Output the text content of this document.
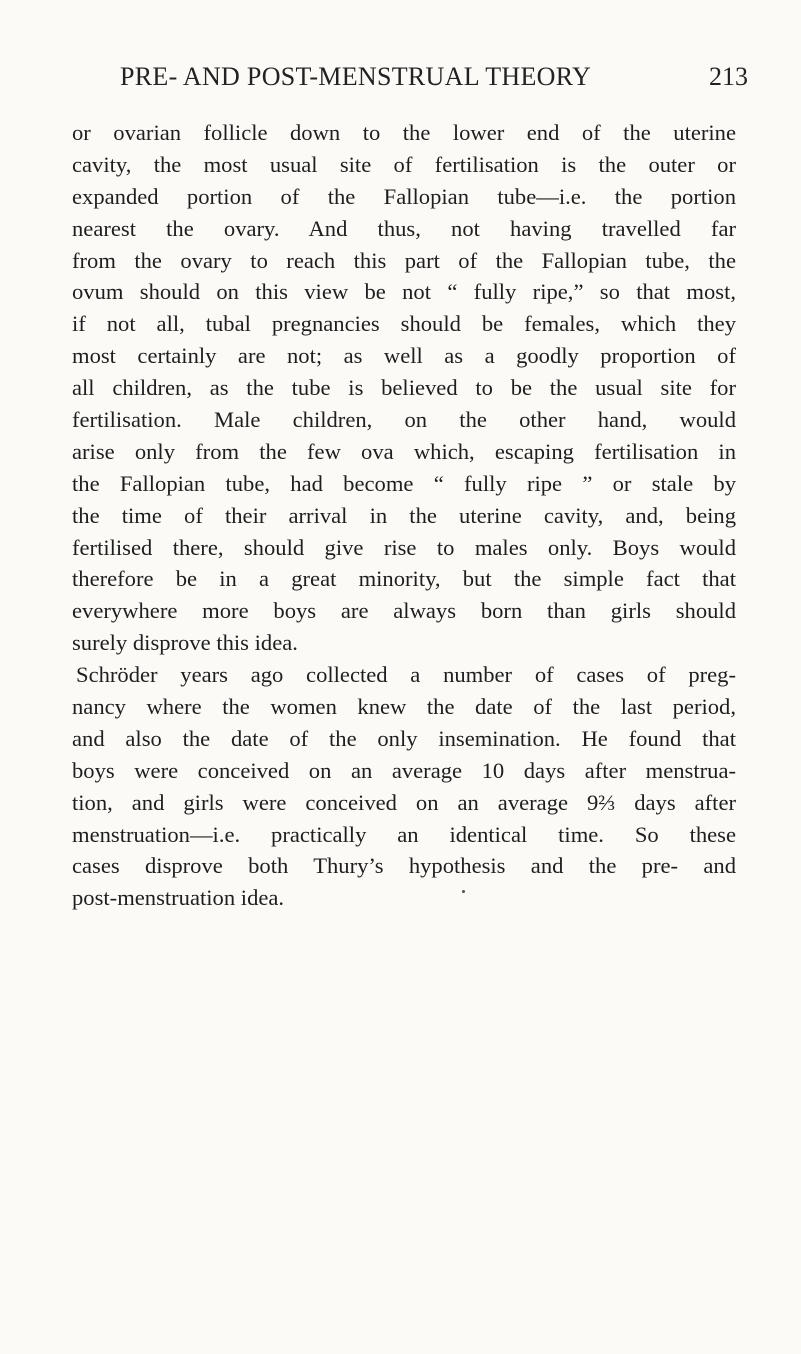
PRE- AND POST-MENSTRUAL THEORY	213
or ovarian follicle down to the lower end of the uterine
cavity, the most usual site of fertilisation is the outer or
expanded portion of the Fallopian tube—i.e. the portion
nearest the ovary. And thus, not having travelled far
from the ovary to reach this part of the Fallopian tube, the
ovum should on this view be not “ fully ripe,” so that most,
if not all, tubal pregnancies should be females, which they
most certainly are not; as well as a goodly proportion of
all children, as the tube is believed to be the usual site for
fertilisation. Male children, on the other hand, would
arise only from the few ova which, escaping fertilisation in
the Fallopian tube, had become “ fully ripe ” or stale by
the time of their arrival in the uterine cavity, and, being
fertilised there, should give rise to males only. Boys would
therefore be in a great minority, but the simple fact that
everywhere more boys are always born than girls should
surely disprove this idea.
Schröder years ago collected a number of cases of preg-
nancy where the women knew the date of the last period,
and also the date of the only insemination. He found that
boys were conceived on an average 10 days after menstrua-
tion, and girls were conceived on an average 9⅔ days after
menstruation—i.e. practically an identical time. So these
cases disprove both Thury’s hypothesis and the pre- and
post-menstruation idea.
